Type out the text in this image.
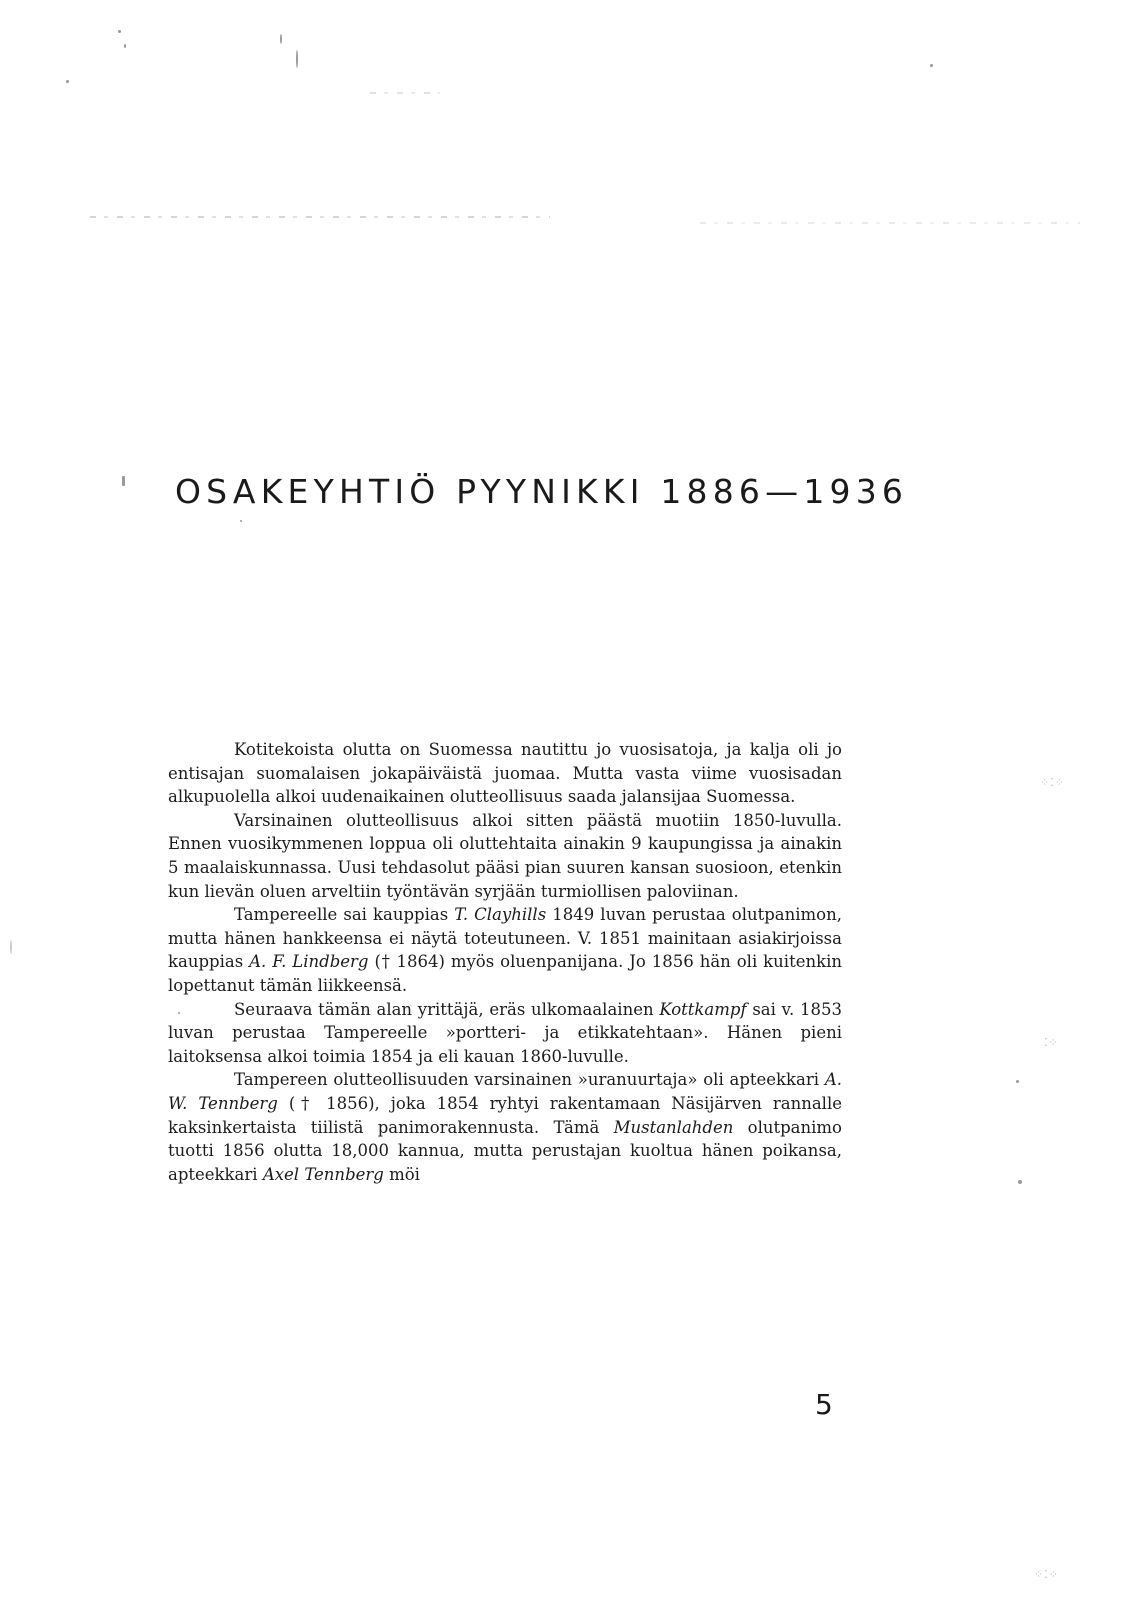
⁘⁚⁘
⁚⁘
⁘⁚⁘
OSAKEYHTIÖ PYYNIKKI 1886—1936

Kotitekoista olutta on Suomessa nautittu jo vuosisatoja, ja kalja oli jo entisajan suomalaisen jokapäiväistä juomaa. Mutta vasta viime vuosisadan alkupuolella alkoi uudenaikainen olutteollisuus saada jalansijaa Suomessa.

Varsinainen olutteollisuus alkoi sitten päästä muotiin 1850-luvulla. Ennen vuosikymmenen loppua oli oluttehtaita ainakin 9 kaupungissa ja ainakin 5 maalaiskunnassa. Uusi tehdasolut pääsi pian suuren kansan suosioon, etenkin kun lievän oluen arveltiin työntävän syrjään turmiollisen paloviinan.

Tampereelle sai kauppias T. Clayhills 1849 luvan perustaa olutpanimon, mutta hänen hankkeensa ei näytä toteutuneen. V. 1851 mainitaan asiakirjoissa kauppias A. F. Lindberg († 1864) myös oluenpanijana. Jo 1856 hän oli kuitenkin lopettanut tämän liikkeensä.

Seuraava tämän alan yrittäjä, eräs ulkomaalainen Kottkampf sai v. 1853 luvan perustaa Tampereelle »portteri- ja etikkatehtaan». Hänen pieni laitoksensa alkoi toimia 1854 ja eli kauan 1860-luvulle.

Tampereen olutteollisuuden varsinainen »uranuurtaja» oli apteekkari A. W. Tennberg († 1856), joka 1854 ryhtyi rakentamaan Näsijärven rannalle kaksinkertaista tiilistä panimorakennusta. Tämä Mustanlahden olutpanimo tuotti 1856 olutta 18,000 kannua, mutta perustajan kuoltua hänen poikansa, apteekkari Axel Tennberg möi

5
